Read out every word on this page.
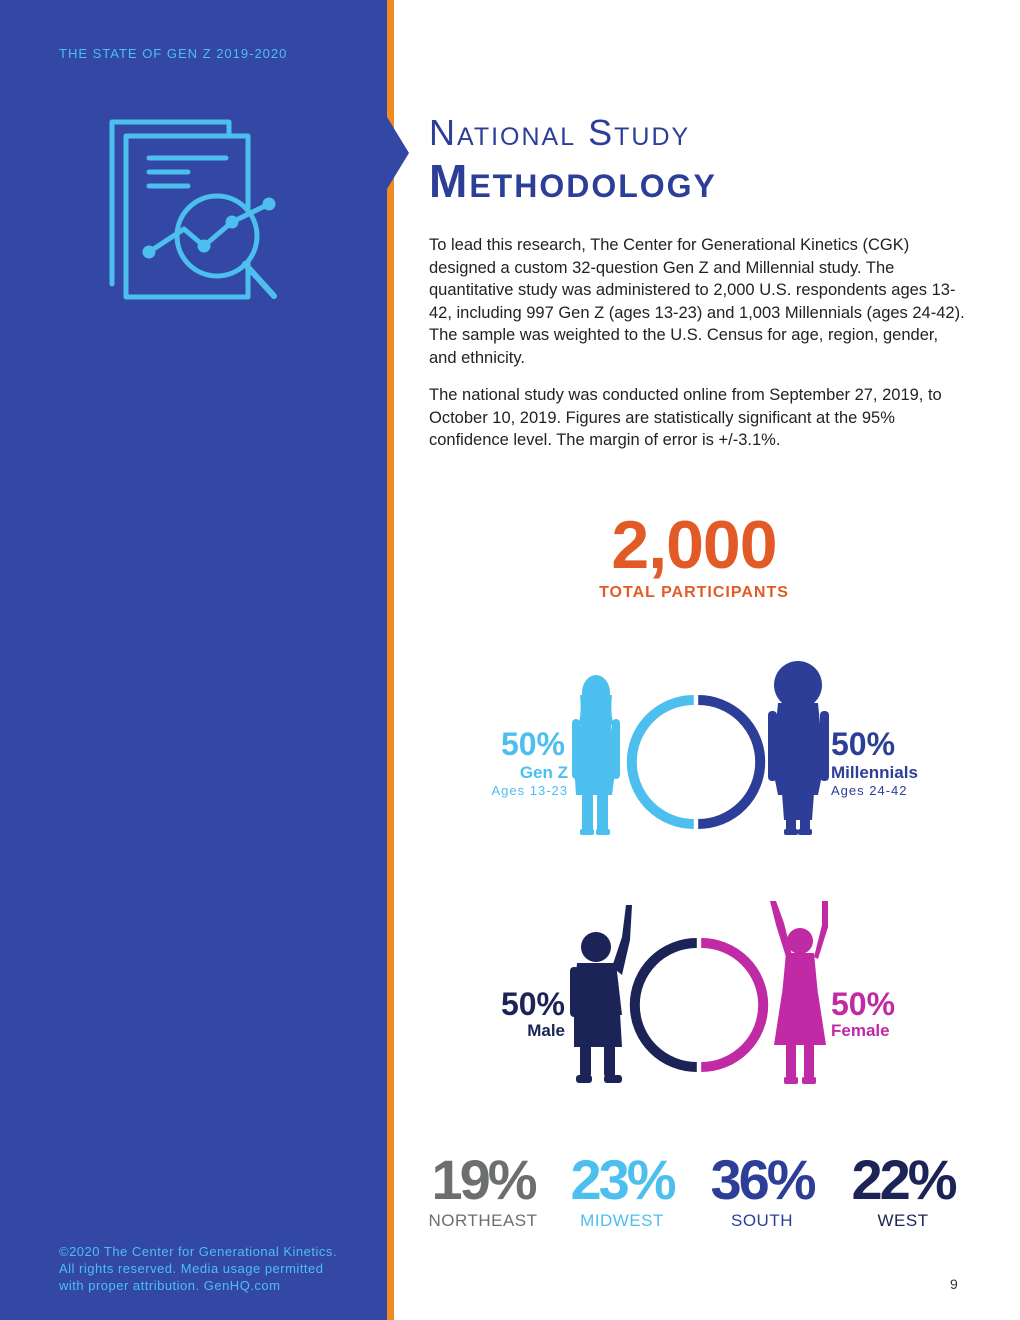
THE STATE OF GEN Z 2019-2020
©2020 The Center for Generational Kinetics.
All rights reserved. Media usage permitted
with proper attribution. GenHQ.com
National Study
Methodology
To lead this research, The Center for Generational Kinetics (CGK) designed a custom 32-question Gen Z and Millennial study. The quantitative study was administered to 2,000 U.S. respondents ages 13-42, including 997 Gen Z (ages 13-23) and 1,003 Millennials (ages 24-42). The sample was weighted to the U.S. Census for age, region, gender, and ethnicity.
The national study was conducted online from September 27, 2019, to October 10, 2019. Figures are statistically significant at the 95% confidence level. The margin of error is +/-3.1%.
2,000
TOTAL PARTICIPANTS
50%
Gen Z
Ages 13-23
50%
Millennials
Ages 24-42
50%
Male
50%
Female
19%
NORTHEAST
23%
MIDWEST
36%
SOUTH
22%
WEST
9
